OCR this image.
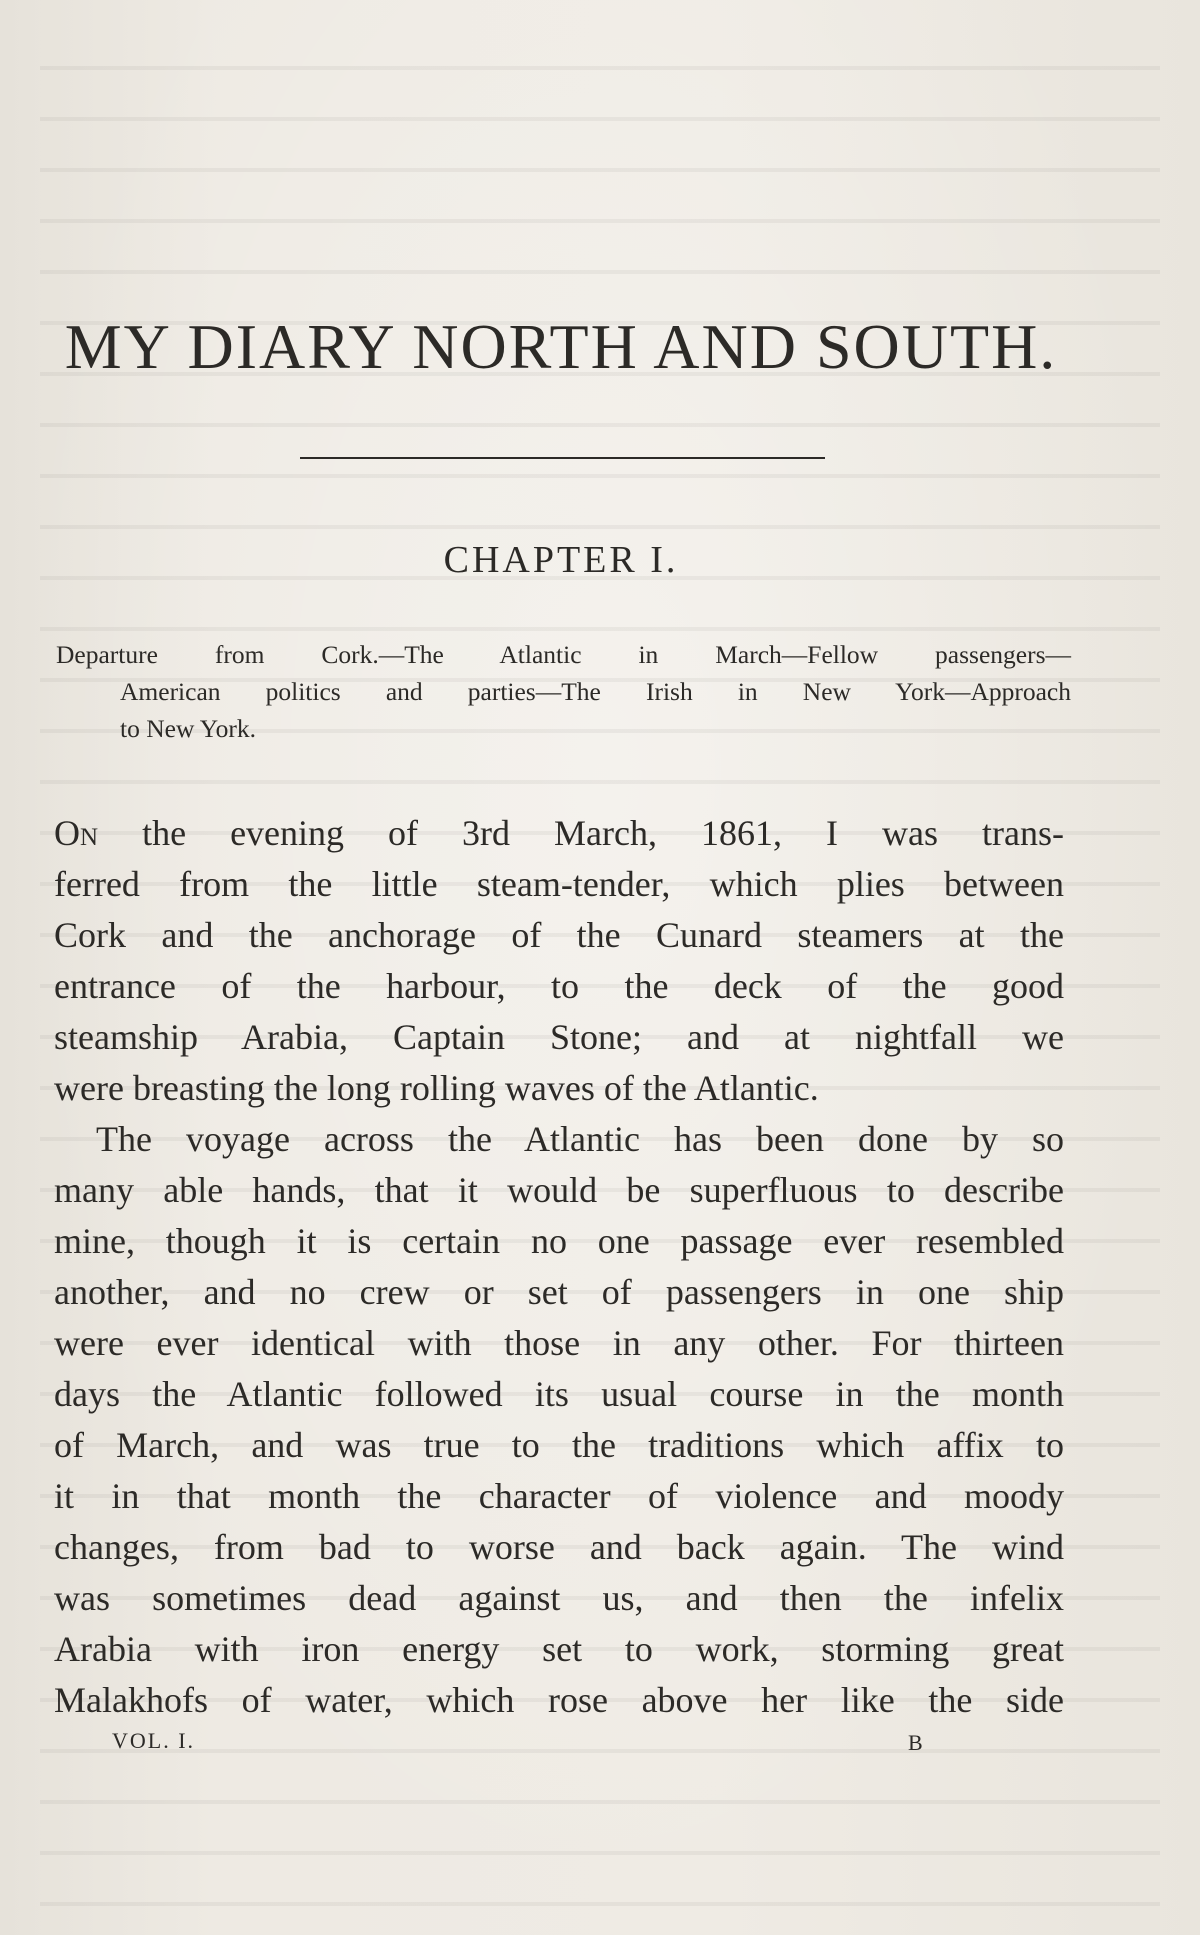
MY DIARY NORTH AND SOUTH.
CHAPTER I.

Departure from Cork.—The Atlantic in March—Fellow passengers—
American politics and parties—The Irish in New York—Approach
to New York.

On the evening of 3rd March, 1861, I was trans-
ferred from the little steam-tender, which plies between
Cork and the anchorage of the Cunard steamers at the
entrance of the harbour, to the deck of the good
steamship Arabia, Captain Stone; and at nightfall we
were breasting the long rolling waves of the Atlantic.
The voyage across the Atlantic has been done by so
many able hands, that it would be superfluous to describe
mine, though it is certain no one passage ever resembled
another, and no crew or set of passengers in one ship
were ever identical with those in any other. For thirteen
days the Atlantic followed its usual course in the month
of March, and was true to the traditions which affix to
it in that month the character of violence and moody
changes, from bad to worse and back again. The wind
was sometimes dead against us, and then the infelix
Arabia with iron energy set to work, storming great
Malakhofs of water, which rose above her like the side
VOL. I.	B
